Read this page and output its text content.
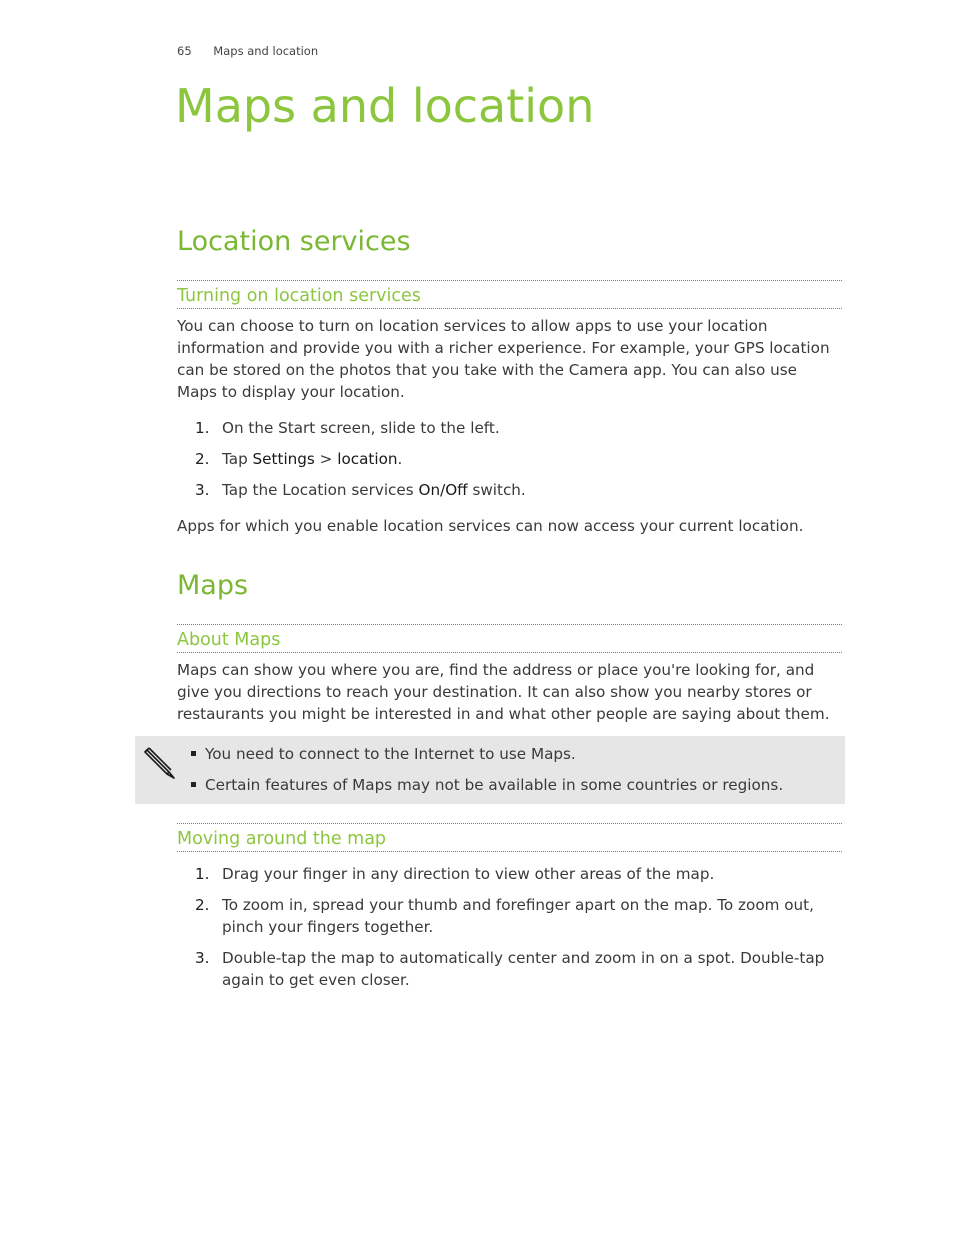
65 Maps and location
Maps and location
Location services
Turning on location services

You can choose to turn on location services to allow apps to use your location
information and provide you with a richer experience. For example, your GPS location
can be stored on the photos that you take with the Camera app. You can also use
Maps to display your location.

1. On the Start screen, slide to the left.
2. Tap Settings > location.
3. Tap the Location services On/Off switch.

Apps for which you enable location services can now access your current location.

Maps
About Maps

Maps can show you where you are, find the address or place you're looking for, and
give you directions to reach your destination. It can also show you nearby stores or
restaurants you might be interested in and what other people are saying about them.

You need to connect to the Internet to use Maps.
Certain features of Maps may not be available in some countries or regions.
Moving around the map
1. Drag your finger in any direction to view other areas of the map.
2. To zoom in, spread your thumb and forefinger apart on the map. To zoom out,
pinch your fingers together.
3. Double-tap the map to automatically center and zoom in on a spot. Double-tap
again to get even closer.
